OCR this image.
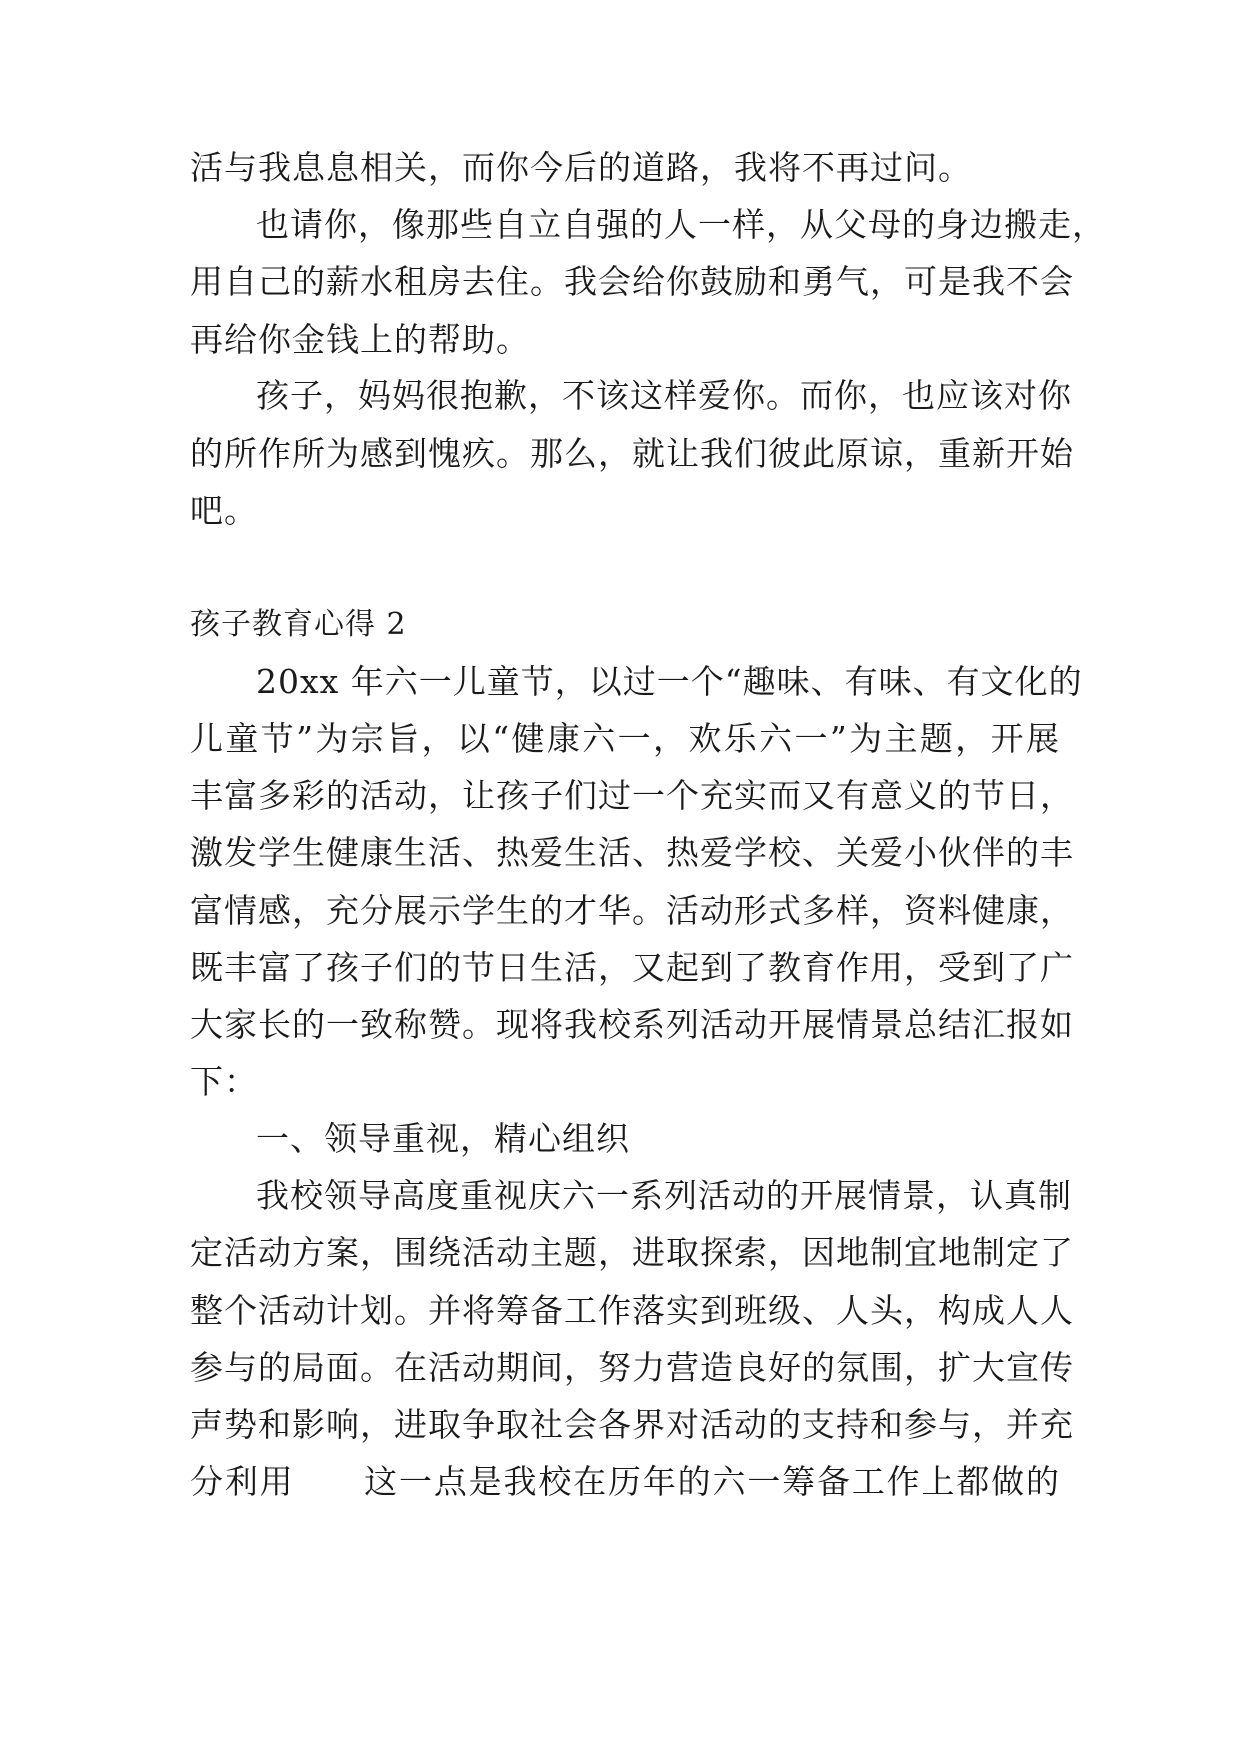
活与我息息相关，而你今后的道路，我将不再过问。
也请你，像那些自立自强的人一样，从父母的身边搬走，
用自己的薪水租房去住。我会给你鼓励和勇气，可是我不会
再给你金钱上的帮助。
孩子，妈妈很抱歉，不该这样爱你。而你，也应该对你
的所作所为感到愧疚。那么，就让我们彼此原谅，重新开始
吧。
孩子教育心得 2
20xx 年六一儿童节，以过一个“趣味、有味、有文化的
儿童节”为宗旨，以“健康六一，欢乐六一”为主题，开展
丰富多彩的活动，让孩子们过一个充实而又有意义的节日，
激发学生健康生活、热爱生活、热爱学校、关爱小伙伴的丰
富情感，充分展示学生的才华。活动形式多样，资料健康，
既丰富了孩子们的节日生活，又起到了教育作用，受到了广
大家长的一致称赞。现将我校系列活动开展情景总结汇报如
下：
一、领导重视，精心组织
我校领导高度重视庆六一系列活动的开展情景，认真制
定活动方案，围绕活动主题，进取探索，因地制宜地制定了
整个活动计划。并将筹备工作落实到班级、人头，构成人人
参与的局面。在活动期间，努力营造良好的氛围，扩大宣传
声势和影响，进取争取社会各界对活动的支持和参与，并充
分利用　　这一点是我校在历年的六一筹备工作上都做的
